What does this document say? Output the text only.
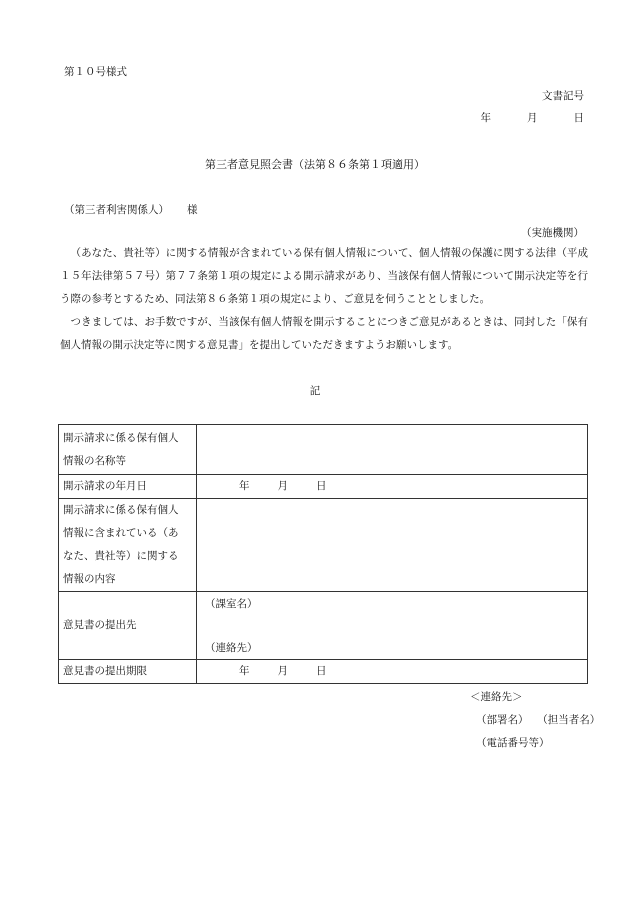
第１０号様式
文書記号
年	月	日
第三者意見照会書（法第８６条第１項適用）
（第三者利害関係人） 様
（実施機関）

（あなた、貴社等）に関する情報が含まれている保有個人情報について、個人情報の保護に関する法律（平成１５年法律第５７号）第７７条第１項の規定による開示請求があり、当該保有個人情報について開示決定等を行う際の参考とするため、同法第８６条第１項の規定により、ご意見を伺うこととしました。

つきましては、お手数ですが、当該保有個人情報を開示することにつきご意見があるときは、同封した「保有個人情報の開示決定等に関する意見書」を提出していただきますようお願いします。

記
開示請求に係る保有個人
情報の名称等	

開示請求の年月日	年 月 日

開示請求に係る保有個人
情報に含まれている（あ
なた、貴社等）に関する
情報の内容	

意見書の提出先	（課室名）
（連絡先）

意見書の提出期限	年 月 日
＜連絡先＞
（部署名） （担当者名）
（電話番号等）
